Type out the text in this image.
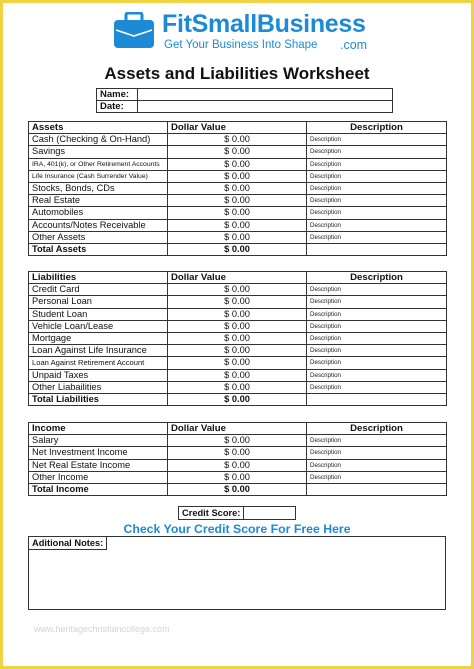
FitSmallBusiness
Get Your Business Into Shape .com
Assets and Liabilities Worksheet
Name:	
Date:	
Assets	Dollar Value	Description
Cash (Checking & On-Hand)	$ 0.00	Description
Savings	$ 0.00	Description
IRA, 401(k), or Other Retirement Accounts	$ 0.00	Description
Life Insurance (Cash Surrender Value)	$ 0.00	Description
Stocks, Bonds, CDs	$ 0.00	Description
Real Estate	$ 0.00	Description
Automobiles	$ 0.00	Description
Accounts/Notes Receivable	$ 0.00	Description
Other Assets	$ 0.00	Description
Total Assets	$ 0.00	
Liabilities	Dollar Value	Description
Credit Card	$ 0.00	Description
Personal Loan	$ 0.00	Description
Student Loan	$ 0.00	Description
Vehicle Loan/Lease	$ 0.00	Description
Mortgage	$ 0.00	Description
Loan Against Life Insurance	$ 0.00	Description
Loan Against Retirement Account	$ 0.00	Description
Unpaid Taxes	$ 0.00	Description
Other Liabailities	$ 0.00	Description
Total Liabilities	$ 0.00	
Income	Dollar Value	Description
Salary	$ 0.00	Description
Net Investment Income	$ 0.00	Description
Net Real Estate Income	$ 0.00	Description
Other Income	$ 0.00	Description
Total Income	$ 0.00	
Credit Score:	
Check Your Credit Score For Free Here
Aditional Notes:
www.heritagechristiancollege.com
